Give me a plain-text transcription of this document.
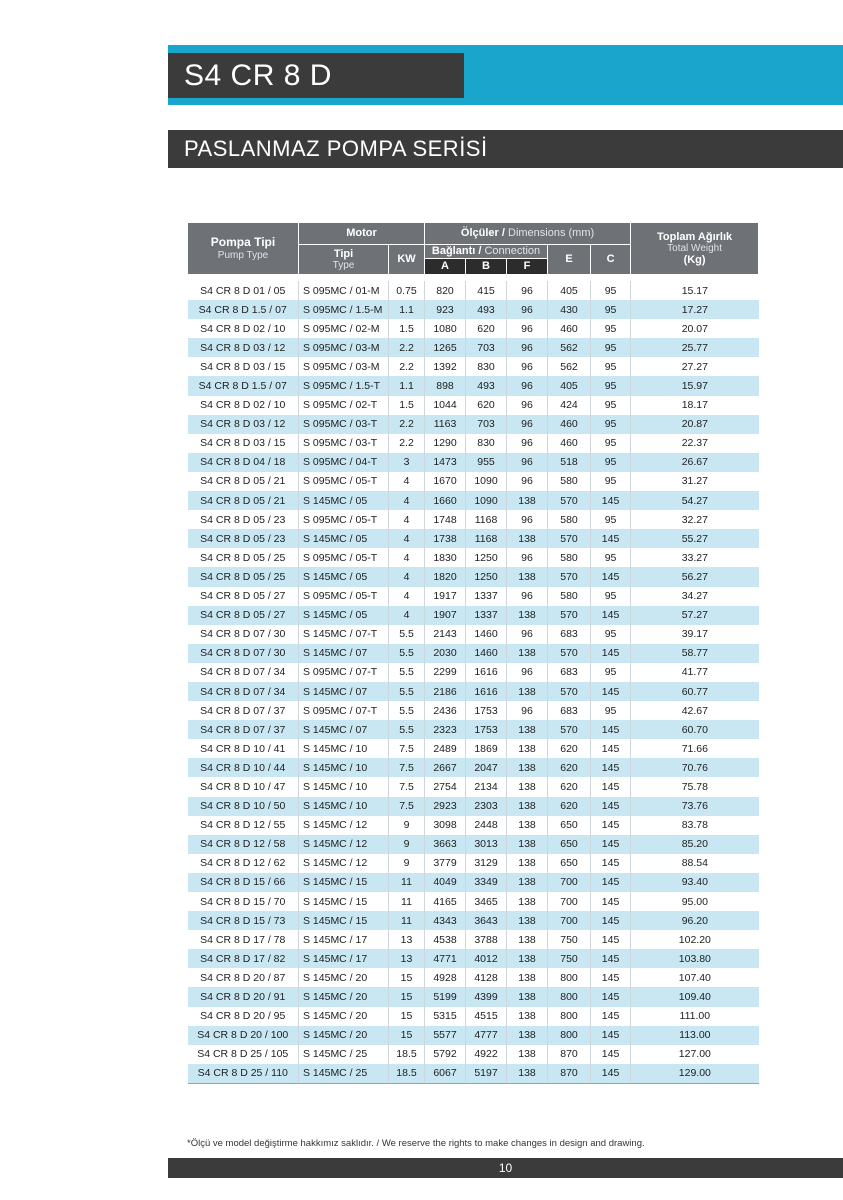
S4 CR 8 D
PASLANMAZ POMPA SERİSİ
Pompa Tipi
Pump Type	Motor		Ölçüler / Dimensions (mm)					Toplam Ağırlık
Total Weight
(Kg)

	Tipi
Type	KW	Bağlantı / Connection			E	C	
			A	B	F			

S4 CR 8 D 01 / 05	S 095MC / 01-M	0.75	820	415	96	405	95	15.17
S4 CR 8 D 1.5 / 07	S 095MC / 1.5-M	1.1	923	493	96	430	95	17.27
S4 CR 8 D 02 / 10	S 095MC / 02-M	1.5	1080	620	96	460	95	20.07
S4 CR 8 D 03 / 12	S 095MC / 03-M	2.2	1265	703	96	562	95	25.77
S4 CR 8 D 03 / 15	S 095MC / 03-M	2.2	1392	830	96	562	95	27.27
S4 CR 8 D 1.5 / 07	S 095MC / 1.5-T	1.1	898	493	96	405	95	15.97
S4 CR 8 D 02 / 10	S 095MC / 02-T	1.5	1044	620	96	424	95	18.17
S4 CR 8 D 03 / 12	S 095MC / 03-T	2.2	1163	703	96	460	95	20.87
S4 CR 8 D 03 / 15	S 095MC / 03-T	2.2	1290	830	96	460	95	22.37
S4 CR 8 D 04 / 18	S 095MC / 04-T	3	1473	955	96	518	95	26.67
S4 CR 8 D 05 / 21	S 095MC / 05-T	4	1670	1090	96	580	95	31.27
S4 CR 8 D 05 / 21	S 145MC / 05	4	1660	1090	138	570	145	54.27
S4 CR 8 D 05 / 23	S 095MC / 05-T	4	1748	1168	96	580	95	32.27
S4 CR 8 D 05 / 23	S 145MC / 05	4	1738	1168	138	570	145	55.27
S4 CR 8 D 05 / 25	S 095MC / 05-T	4	1830	1250	96	580	95	33.27
S4 CR 8 D 05 / 25	S 145MC / 05	4	1820	1250	138	570	145	56.27
S4 CR 8 D 05 / 27	S 095MC / 05-T	4	1917	1337	96	580	95	34.27
S4 CR 8 D 05 / 27	S 145MC / 05	4	1907	1337	138	570	145	57.27
S4 CR 8 D 07 / 30	S 145MC / 07-T	5.5	2143	1460	96	683	95	39.17
S4 CR 8 D 07 / 30	S 145MC / 07	5.5	2030	1460	138	570	145	58.77
S4 CR 8 D 07 / 34	S 095MC / 07-T	5.5	2299	1616	96	683	95	41.77
S4 CR 8 D 07 / 34	S 145MC / 07	5.5	2186	1616	138	570	145	60.77
S4 CR 8 D 07 / 37	S 095MC / 07-T	5.5	2436	1753	96	683	95	42.67
S4 CR 8 D 07 / 37	S 145MC / 07	5.5	2323	1753	138	570	145	60.70
S4 CR 8 D 10 / 41	S 145MC / 10	7.5	2489	1869	138	620	145	71.66
S4 CR 8 D 10 / 44	S 145MC / 10	7.5	2667	2047	138	620	145	70.76
S4 CR 8 D 10 / 47	S 145MC / 10	7.5	2754	2134	138	620	145	75.78
S4 CR 8 D 10 / 50	S 145MC / 10	7.5	2923	2303	138	620	145	73.76
S4 CR 8 D 12 / 55	S 145MC / 12	9	3098	2448	138	650	145	83.78
S4 CR 8 D 12 / 58	S 145MC / 12	9	3663	3013	138	650	145	85.20
S4 CR 8 D 12 / 62	S 145MC / 12	9	3779	3129	138	650	145	88.54
S4 CR 8 D 15 / 66	S 145MC / 15	11	4049	3349	138	700	145	93.40
S4 CR 8 D 15 / 70	S 145MC / 15	11	4165	3465	138	700	145	95.00
S4 CR 8 D 15 / 73	S 145MC / 15	11	4343	3643	138	700	145	96.20
S4 CR 8 D 17 / 78	S 145MC / 17	13	4538	3788	138	750	145	102.20
S4 CR 8 D 17 / 82	S 145MC / 17	13	4771	4012	138	750	145	103.80
S4 CR 8 D 20 / 87	S 145MC / 20	15	4928	4128	138	800	145	107.40
S4 CR 8 D 20 / 91	S 145MC / 20	15	5199	4399	138	800	145	109.40
S4 CR 8 D 20 / 95	S 145MC / 20	15	5315	4515	138	800	145	111.00
S4 CR 8 D 20 / 100	S 145MC / 20	15	5577	4777	138	800	145	113.00
S4 CR 8 D 25 / 105	S 145MC / 25	18.5	5792	4922	138	870	145	127.00
S4 CR 8 D 25 / 110	S 145MC / 25	18.5	6067	5197	138	870	145	129.00
*Ölçü ve model değiştirme hakkımız saklıdır. / We reserve the rights to make changes in design and drawing.
10
